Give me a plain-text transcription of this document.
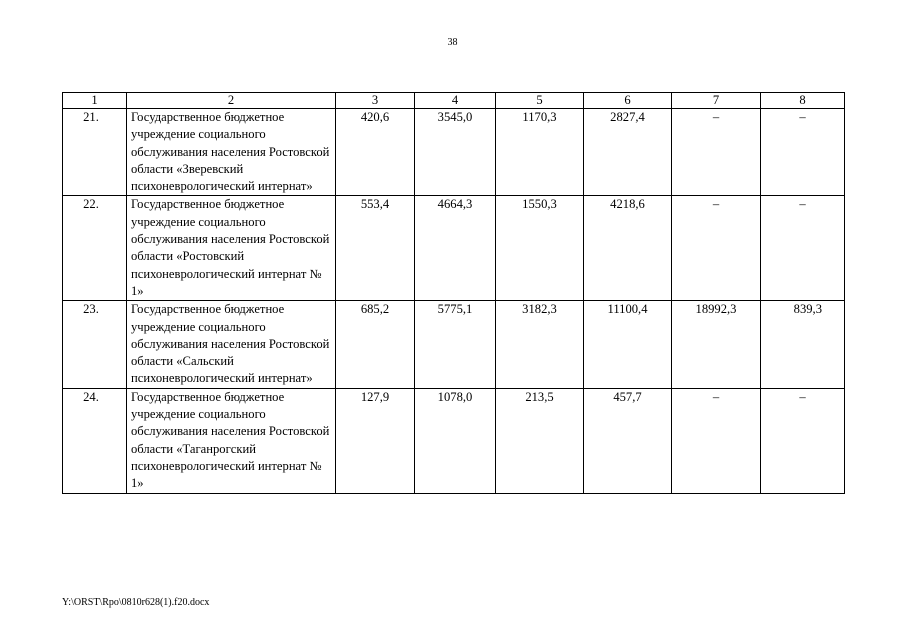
38
1	2	3	4	5	6	7	8
21.	Государственное бюджетное учреждение социального обслуживания населения Ростовской области «Зверевский психоневрологический интернат»	420,6	3545,0	1170,3	2827,4	–	–
22.	Государственное бюджетное учреждение социального обслуживания населения Ростовской области «Ростовский психоневрологический интернат № 1»	553,4	4664,3	1550,3	4218,6	–	–
23.	Государственное бюджетное учреждение социального обслуживания населения Ростовской области «Сальский психоневрологический интернат»	685,2	5775,1	3182,3	11100,4	18992,3	839,3
24.	Государственное бюджетное учреждение социального обслуживания населения Ростовской области «Таганрогский психоневрологический интернат № 1»	127,9	1078,0	213,5	457,7	–	–
Y:\ORST\Rpo\0810r628(1).f20.docx
